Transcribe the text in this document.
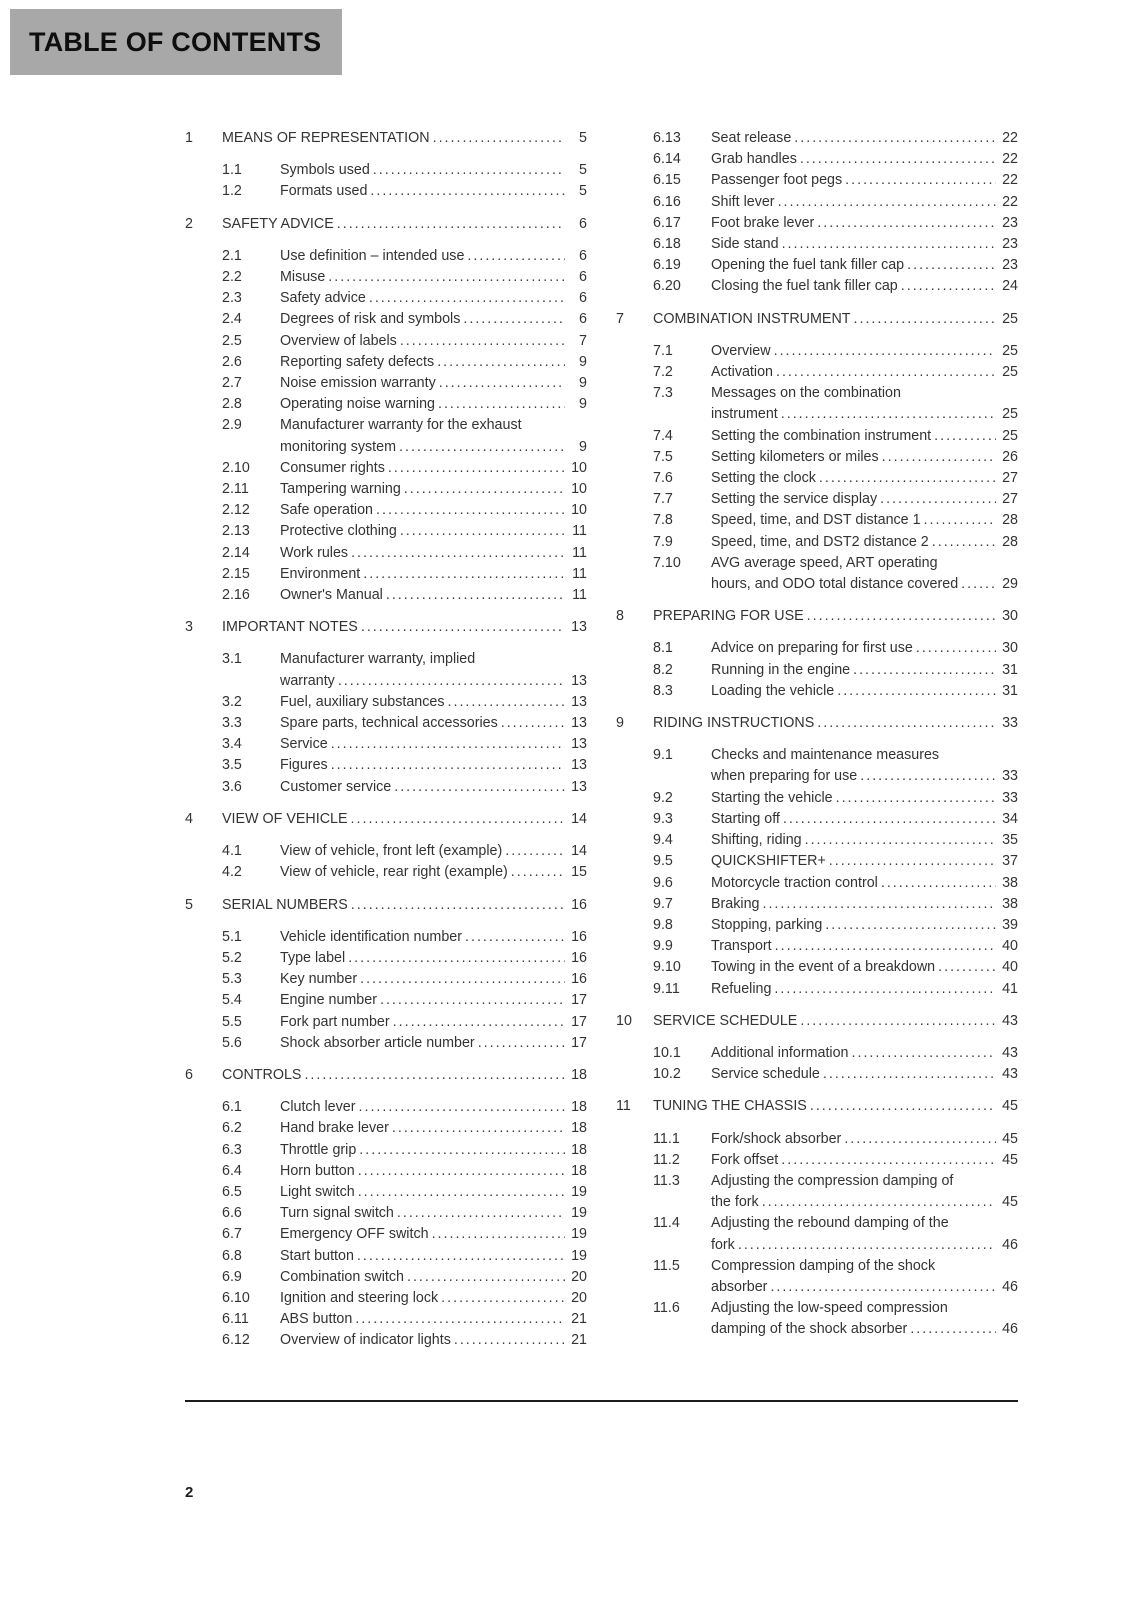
TABLE OF CONTENTS
1	MEANS OF REPRESENTATION .....	5
1.1	Symbols used .....	5
1.2	Formats used .....	5
2	SAFETY ADVICE .....	6
2.1	Use definition – intended use .....	6
2.2	Misuse .....	6
2.3	Safety advice .....	6
2.4	Degrees of risk and symbols .....	6
2.5	Overview of labels .....	7
2.6	Reporting safety defects .....	9
2.7	Noise emission warranty .....	9
2.8	Operating noise warning .....	9
2.9	Manufacturer warranty for the exhaust
monitoring system .....	9
2.10	Consumer rights .....	10
2.11	Tampering warning .....	10
2.12	Safe operation .....	10
2.13	Protective clothing .....	11
2.14	Work rules .....	11
2.15	Environment .....	11
2.16	Owner's Manual .....	11
3	IMPORTANT NOTES .....	13
3.1	Manufacturer warranty, implied
warranty .....	13
3.2	Fuel, auxiliary substances .....	13
3.3	Spare parts, technical accessories .....	13
3.4	Service .....	13
3.5	Figures .....	13
3.6	Customer service .....	13
4	VIEW OF VEHICLE .....	14
4.1	View of vehicle, front left (example) .....	14
4.2	View of vehicle, rear right (example) .....	15
5	SERIAL NUMBERS .....	16
5.1	Vehicle identification number .....	16
5.2	Type label .....	16
5.3	Key number .....	16
5.4	Engine number .....	17
5.5	Fork part number .....	17
5.6	Shock absorber article number .....	17
6	CONTROLS .....	18
6.1	Clutch lever .....	18
6.2	Hand brake lever .....	18
6.3	Throttle grip .....	18
6.4	Horn button .....	18
6.5	Light switch .....	19
6.6	Turn signal switch .....	19
6.7	Emergency OFF switch .....	19
6.8	Start button .....	19
6.9	Combination switch .....	20
6.10	Ignition and steering lock .....	20
6.11	ABS button .....	21
6.12	Overview of indicator lights .....	21
6.13	Seat release .....	22
6.14	Grab handles .....	22
6.15	Passenger foot pegs .....	22
6.16	Shift lever .....	22
6.17	Foot brake lever .....	23
6.18	Side stand .....	23
6.19	Opening the fuel tank filler cap .....	23
6.20	Closing the fuel tank filler cap .....	24
7	COMBINATION INSTRUMENT .....	25
7.1	Overview .....	25
7.2	Activation .....	25
7.3	Messages on the combination
instrument .....	25
7.4	Setting the combination instrument .....	25
7.5	Setting kilometers or miles .....	26
7.6	Setting the clock .....	27
7.7	Setting the service display .....	27
7.8	Speed, time, and DST distance 1 .....	28
7.9	Speed, time, and DST2 distance 2 .....	28
7.10	AVG average speed, ART operating
hours, and ODO total distance covered .....	29
8	PREPARING FOR USE .....	30
8.1	Advice on preparing for first use .....	30
8.2	Running in the engine .....	31
8.3	Loading the vehicle .....	31
9	RIDING INSTRUCTIONS .....	33
9.1	Checks and maintenance measures
when preparing for use .....	33
9.2	Starting the vehicle .....	33
9.3	Starting off .....	34
9.4	Shifting, riding .....	35
9.5	QUICKSHIFTER+ .....	37
9.6	Motorcycle traction control .....	38
9.7	Braking .....	38
9.8	Stopping, parking .....	39
9.9	Transport .....	40
9.10	Towing in the event of a breakdown .....	40
9.11	Refueling .....	41
10	SERVICE SCHEDULE .....	43
10.1	Additional information .....	43
10.2	Service schedule .....	43
11	TUNING THE CHASSIS .....	45
11.1	Fork/shock absorber .....	45
11.2	Fork offset .....	45
11.3	Adjusting the compression damping of
the fork .....	45
11.4	Adjusting the rebound damping of the
fork .....	46
11.5	Compression damping of the shock
absorber .....	46
11.6	Adjusting the low-speed compression
damping of the shock absorber .....	46
2
